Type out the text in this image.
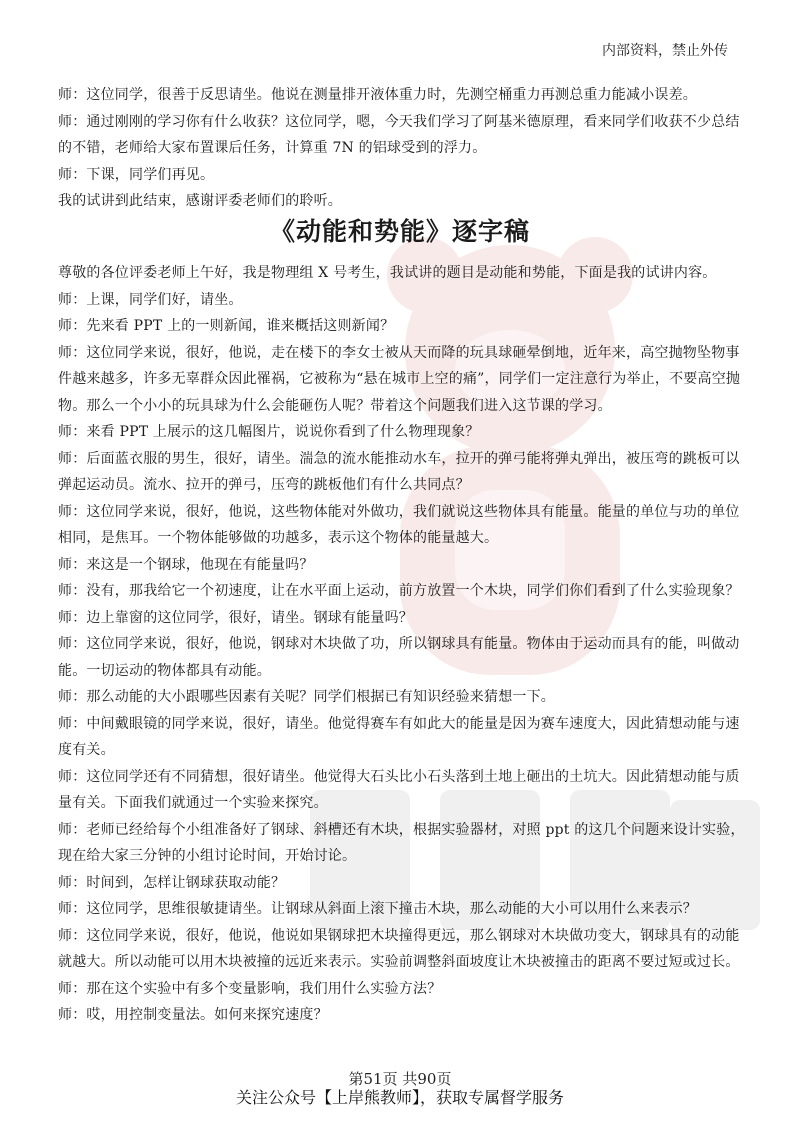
内部资料，禁止外传

师：这位同学，很善于反思请坐。他说在测量排开液体重力时，先测空桶重力再测总重力能减小误差。

师：通过刚刚的学习你有什么收获？这位同学，嗯，今天我们学习了阿基米德原理，看来同学们收获不少总结的不错，老师给大家布置课后任务，计算重 7N 的铝球受到的浮力。

师：下课，同学们再见。

我的试讲到此结束，感谢评委老师们的聆听。

《动能和势能》逐字稿

尊敬的各位评委老师上午好，我是物理组 X 号考生，我试讲的题目是动能和势能，下面是我的试讲内容。

师：上课，同学们好，请坐。

师：先来看 PPT 上的一则新闻，谁来概括这则新闻？

师：这位同学来说，很好，他说，走在楼下的李女士被从天而降的玩具球砸晕倒地，近年来，高空抛物坠物事件越来越多，许多无辜群众因此罹祸，它被称为“悬在城市上空的痛”，同学们一定注意行为举止，不要高空抛物。那么一个小小的玩具球为什么会能砸伤人呢？带着这个问题我们进入这节课的学习。

师：来看 PPT 上展示的这几幅图片，说说你看到了什么物理现象？

师：后面蓝衣服的男生，很好，请坐。湍急的流水能推动水车，拉开的弹弓能将弹丸弹出，被压弯的跳板可以弹起运动员。流水、拉开的弹弓，压弯的跳板他们有什么共同点？

师：这位同学来说，很好，他说，这些物体能对外做功，我们就说这些物体具有能量。能量的单位与功的单位相同，是焦耳。一个物体能够做的功越多，表示这个物体的能量越大。

师：来这是一个钢球，他现在有能量吗？

师：没有，那我给它一个初速度，让在水平面上运动，前方放置一个木块，同学们你们看到了什么实验现象？

师：边上靠窗的这位同学，很好，请坐。钢球有能量吗？

师：这位同学来说，很好，他说，钢球对木块做了功，所以钢球具有能量。物体由于运动而具有的能，叫做动能。一切运动的物体都具有动能。

师：那么动能的大小跟哪些因素有关呢？同学们根据已有知识经验来猜想一下。

师：中间戴眼镜的同学来说，很好，请坐。他觉得赛车有如此大的能量是因为赛车速度大，因此猜想动能与速度有关。

师：这位同学还有不同猜想，很好请坐。他觉得大石头比小石头落到土地上砸出的土坑大。因此猜想动能与质量有关。下面我们就通过一个实验来探究。

师：老师已经给每个小组准备好了钢球、斜槽还有木块，根据实验器材，对照 ppt 的这几个问题来设计实验，现在给大家三分钟的小组讨论时间，开始讨论。

师：时间到，怎样让钢球获取动能？

师：这位同学，思维很敏捷请坐。让钢球从斜面上滚下撞击木块，那么动能的大小可以用什么来表示？

师：这位同学来说，很好，他说，他说如果钢球把木块撞得更远，那么钢球对木块做功变大，钢球具有的动能就越大。所以动能可以用木块被撞的远近来表示。实验前调整斜面坡度让木块被撞击的距离不要过短或过长。

师：那在这个实验中有多个变量影响，我们用什么实验方法？

师：哎，用控制变量法。如何来探究速度？

第51页 共90页
关注公众号【上岸熊教师】，获取专属督学服务
